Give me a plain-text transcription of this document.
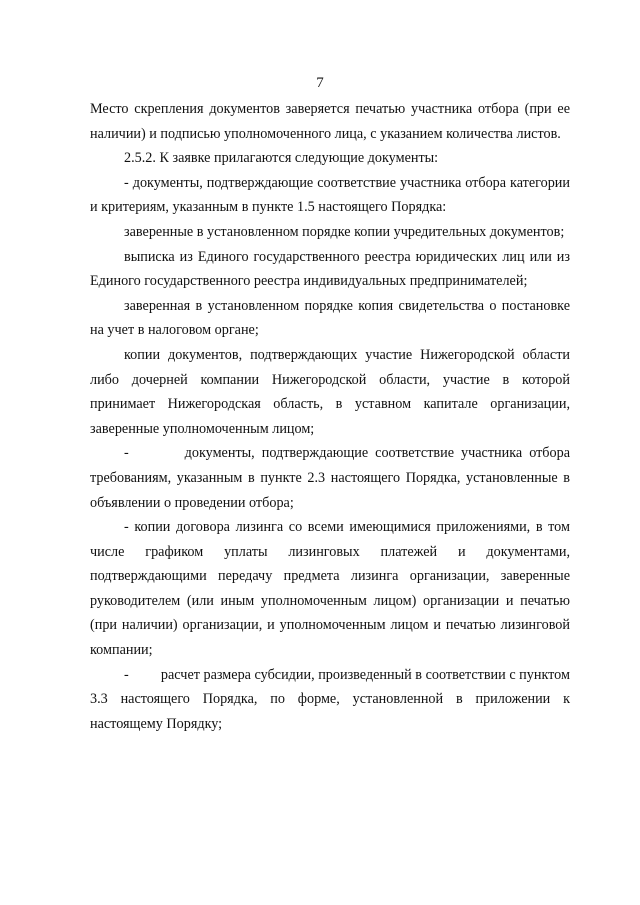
7

Место скрепления документов заверяется печатью участника отбора (при ее наличии) и подписью уполномоченного лица, с указанием количества листов.

2.5.2. К заявке прилагаются следующие документы:

- документы, подтверждающие соответствие участника отбора категории и критериям, указанным в пункте 1.5 настоящего Порядка:

заверенные в установленном порядке копии учредительных документов;

выписка из Единого государственного реестра юридических лиц или из Единого государственного реестра индивидуальных предпринимателей;

заверенная в установленном порядке копия свидетельства о постановке на учет в налоговом органе;

копии документов, подтверждающих участие Нижегородской области либо дочерней компании Нижегородской области, участие в которой принимает Нижегородская область, в уставном капитале организации, заверенные уполномоченным лицом;

-        документы, подтверждающие соответствие участника отбора требованиям, указанным в пункте 2.3 настоящего Порядка, установленные в объявлении о проведении отбора;

- копии договора лизинга со всеми имеющимися приложениями, в том числе графиком уплаты лизинговых платежей и документами, подтверждающими передачу предмета лизинга организации, заверенные руководителем (или иным уполномоченным лицом) организации и печатью (при наличии) организации, и уполномоченным лицом и печатью лизинговой компании;

-         расчет размера субсидии, произведенный в соответствии с пунктом 3.3 настоящего Порядка, по форме, установленной в приложении к настоящему Порядку;
